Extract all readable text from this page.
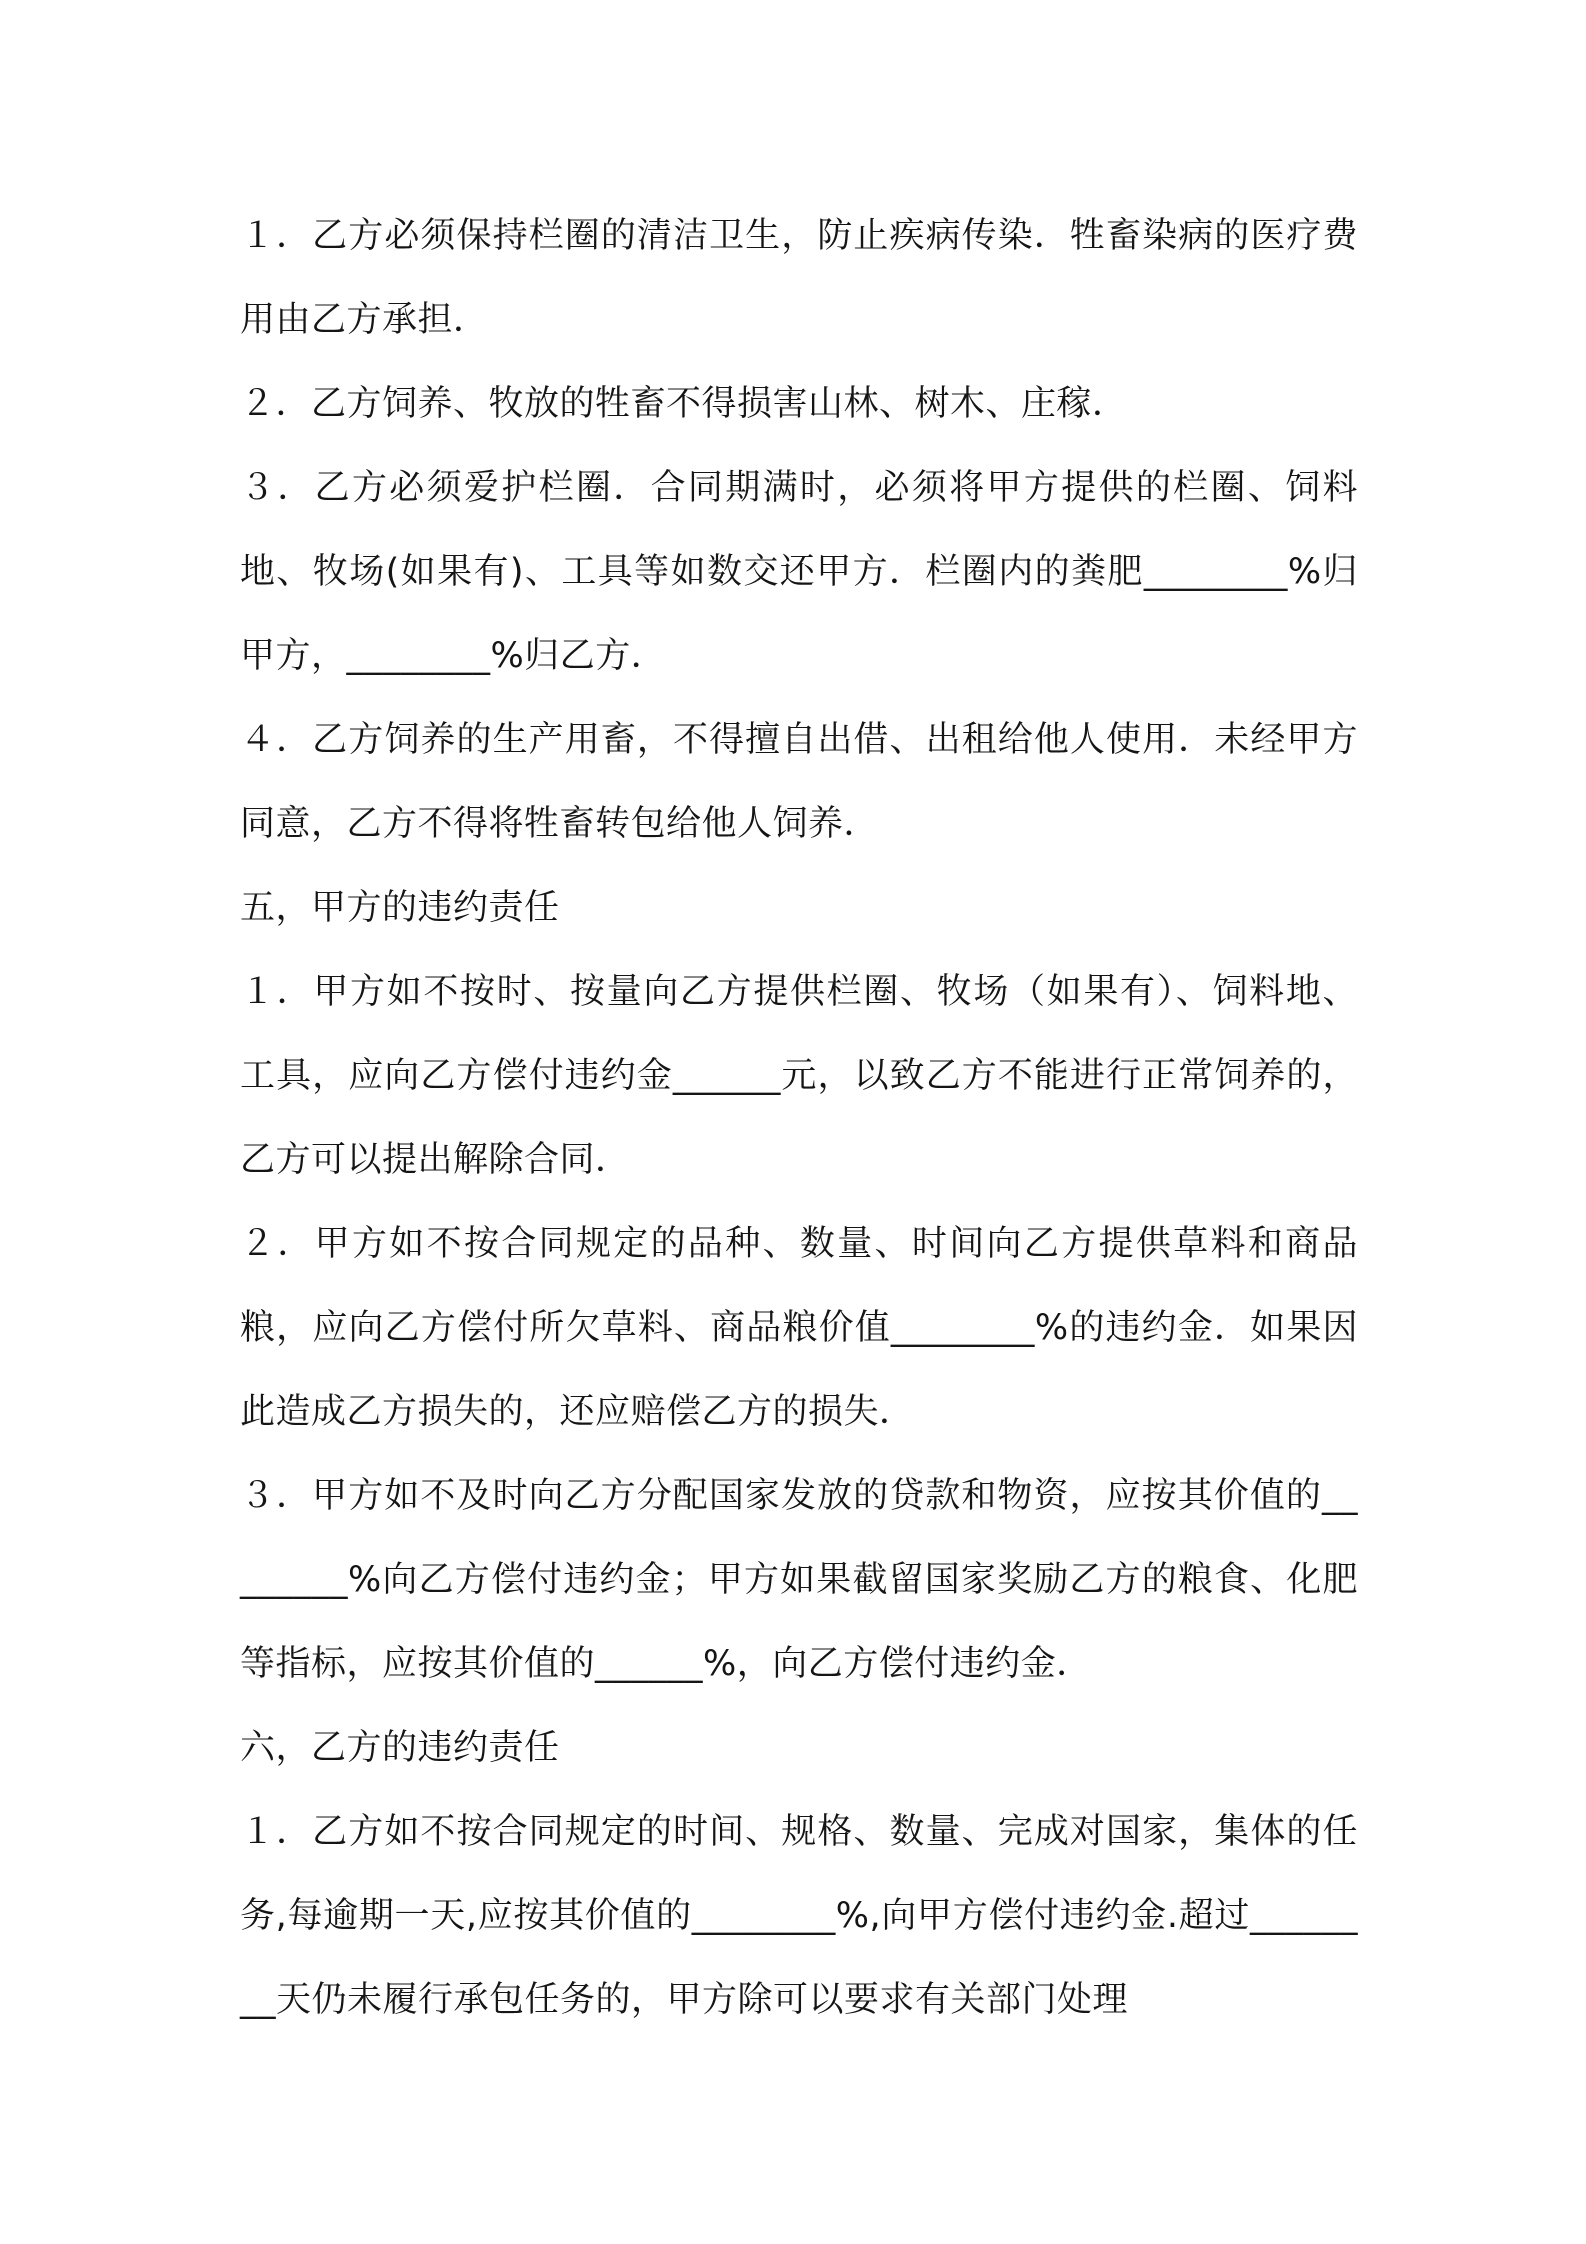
１．乙方必须保持栏圈的清洁卫生，防止疾病传染．牲畜染病的医疗费用由乙方承担．

２．乙方饲养、牧放的牲畜不得损害山林、树木、庄稼．

３．乙方必须爱护栏圈．合同期满时，必须将甲方提供的栏圈、饲料地、牧场(如果有)、工具等如数交还甲方．栏圈内的粪肥________%归甲方，________%归乙方．

４．乙方饲养的生产用畜，不得擅自出借、出租给他人使用．未经甲方同意，乙方不得将牲畜转包给他人饲养．

五，甲方的违约责任

１．甲方如不按时、按量向乙方提供栏圈、牧场（如果有）、饲料地、工具，应向乙方偿付违约金______元，以致乙方不能进行正常饲养的，乙方可以提出解除合同．

２．甲方如不按合同规定的品种、数量、时间向乙方提供草料和商品粮，应向乙方偿付所欠草料、商品粮价值________%的违约金．如果因此造成乙方损失的，还应赔偿乙方的损失．

３．甲方如不及时向乙方分配国家发放的贷款和物资，应按其价值的________%向乙方偿付违约金；甲方如果截留国家奖励乙方的粮食、化肥等指标，应按其价值的______%，向乙方偿付违约金．

六，乙方的违约责任

１．乙方如不按合同规定的时间、规格、数量、完成对国家，集体的任务,每逾期一天,应按其价值的________%,向甲方偿付违约金.超过________天仍未履行承包任务的，甲方除可以要求有关部门处理
